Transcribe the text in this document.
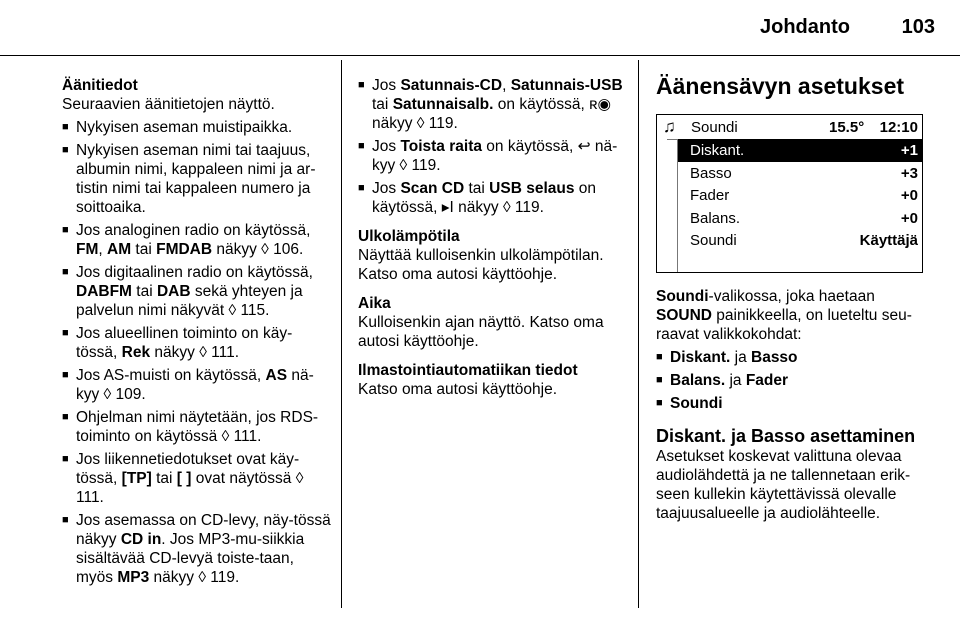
Johdanto	103

Äänitiedot

Seuraavien äänitietojen näyttö.

■ Nykyisen aseman muistipaikka.
■ Nykyisen aseman nimi tai taajuus, albumin nimi, kappaleen nimi ja ar-tistin nimi tai kappaleen numero ja soittoaika.
■ Jos analoginen radio on käytössä, FM, AM tai FMDAB näkyy ◊ 106.
■ Jos digitaalinen radio on käytössä, DABFM tai DAB sekä yhteyen ja palvelun nimi näkyvät ◊ 115.
■ Jos alueellinen toiminto on käy-tössä, Rek näkyy ◊ 111.
■ Jos AS-muisti on käytössä, AS nä-kyy ◊ 109.
■ Ohjelman nimi näytetään, jos RDS-toiminto on käytössä ◊ 111.
■ Jos liikennetiedotukset ovat käy-tössä, [TP] tai [ ] ovat näytössä ◊ 111.
■ Jos asemassa on CD-levy, näy-tössä näkyy CD in. Jos MP3-mu-siikkia sisältävää CD-levyä toiste-taan, myös MP3 näkyy ◊ 119.
■ Jos Satunnais-CD, Satunnais-USB tai Satunnaisalb. on käytössä, ʀ◉ näkyy ◊ 119.
■ Jos Toista raita on käytössä, ↩ nä-kyy ◊ 119.
■ Jos Scan CD tai USB selaus on käytössä, ▸I näkyy ◊ 119.

Ulkolämpötila

Näyttää kulloisenkin ulkolämpötilan. Katso oma autosi käyttöohje.

Aika

Kulloisenkin ajan näyttö. Katso oma autosi käyttöohje.

Ilmastointiautomatiikan tiedot

Katso oma autosi käyttöohje.

Äänensävyn asetukset

♫ Soundi	15.5° 12:10
Diskant.	+1
Basso	+3
Fader	+0
Balans.	+0
Soundi	Käyttäjä

Soundi-valikossa, joka haetaan SOUND painikkeella, on lueteltu seu-raavat valikkokohdat:

■ Diskant. ja Basso
■ Balans. ja Fader
■ Soundi

Diskant. ja Basso asettaminen

Asetukset koskevat valittuna olevaa audiolähdettä ja ne tallennetaan erik-seen kullekin käytettävissä olevalle taajuusalueelle ja audiolähteelle.
